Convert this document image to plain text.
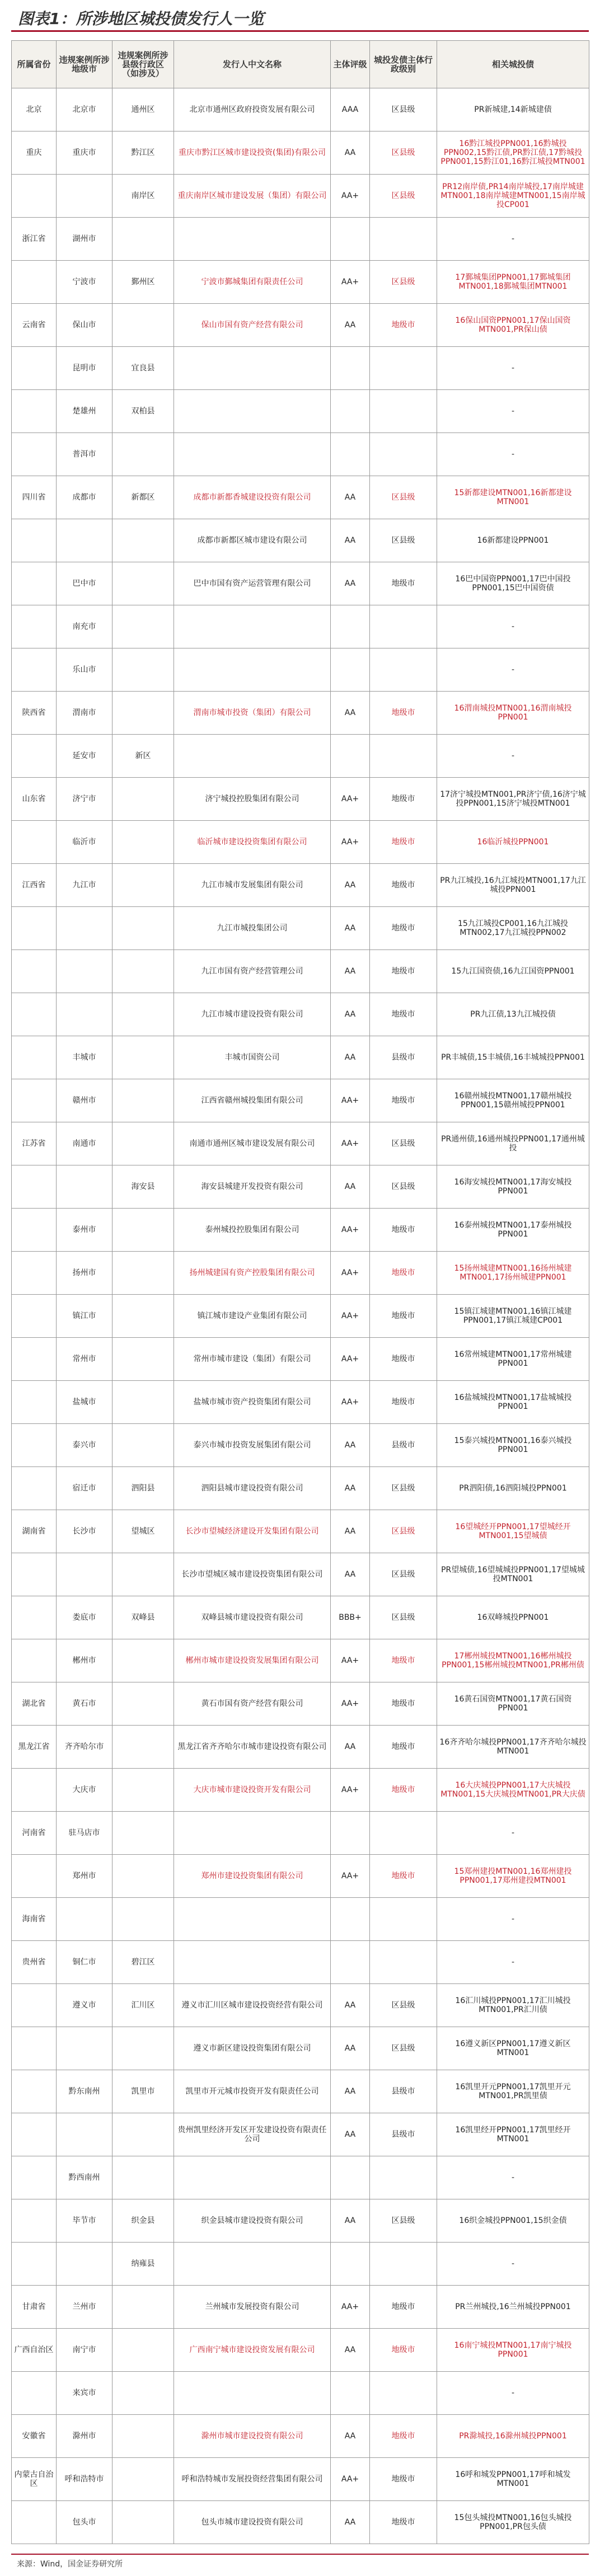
图表1：所涉地区城投债发行人一览
所属省份	违规案例所涉地级市	违规案例所涉县级行政区（如涉及）	发行人中文名称	主体评级	城投发债主体行政级别	相关城投债
北京	北京市	通州区	北京市通州区政府投资发展有限公司	AAA	区县级	PR新城建,14新城建债
重庆	重庆市	黔江区	重庆市黔江区城市建设投资(集团)有限公司	AA	区县级	16黔江城投PPN001,16黔城投PPN002,15黔江债,PR黔江债,17黔城投PPN001,15黔江01,16黔江城投MTN001
		南岸区	重庆南岸区城市建设发展（集团）有限公司	AA+	区县级	PR12南岸债,PR14南岸城投,17南岸城建MTN001,18南岸城建MTN001,15南岸城投CP001
浙江省	湖州市					-
	宁波市	鄞州区	宁波市鄞城集团有限责任公司	AA+	区县级	17鄞城集团PPN001,17鄞城集团MTN001,18鄞城集团MTN001
云南省	保山市		保山市国有资产经营有限公司	AA	地级市	16保山国资PPN001,17保山国资MTN001,PR保山债
	昆明市	宜良县				-
	楚雄州	双柏县				-
	普洱市					-
四川省	成都市	新都区	成都市新都香城建设投资有限公司	AA	区县级	15新都建设MTN001,16新都建设MTN001
			成都市新都区城市建设有限公司	AA	区县级	16新都建设PPN001
	巴中市		巴中市国有资产运营管理有限公司	AA	地级市	16巴中国资PPN001,17巴中国投PPN001,15巴中国资债
	南充市					-
	乐山市					-
陕西省	渭南市		渭南市城市投资（集团）有限公司	AA	地级市	16渭南城投MTN001,16渭南城投PPN001
	延安市	新区				-
山东省	济宁市		济宁城投控股集团有限公司	AA+	地级市	17济宁城投MTN001,PR济宁债,16济宁城投PPN001,15济宁城投MTN001
	临沂市		临沂城市建设投资集团有限公司	AA+	地级市	16临沂城投PPN001
江西省	九江市		九江市城市发展集团有限公司	AA	地级市	PR九江城投,16九江城投MTN001,17九江城投PPN001
			九江市城投集团公司	AA	地级市	15九江城投CP001,16九江城投MTN002,17九江城投PPN002
			九江市国有资产经营管理公司	AA	地级市	15九江国资债,16九江国资PPN001
			九江市城市建设投资有限公司	AA	地级市	PR九江债,13九江城投债
	丰城市		丰城市国资公司	AA	县级市	PR丰城债,15丰城债,16丰城城投PPN001
	赣州市		江西省赣州城投集团有限公司	AA+	地级市	16赣州城投MTN001,17赣州城投PPN001,15赣州城投PPN001
江苏省	南通市		南通市通州区城市建设发展有限公司	AA+	区县级	PR通州债,16通州城投PPN001,17通州城投
		海安县	海安县城建开发投资有限公司	AA	区县级	16海安城投MTN001,17海安城投PPN001
	泰州市		泰州城投控股集团有限公司	AA+	地级市	16泰州城投MTN001,17泰州城投PPN001
	扬州市		扬州城建国有资产控股集团有限公司	AA+	地级市	15扬州城建MTN001,16扬州城建MTN001,17扬州城建PPN001
	镇江市		镇江城市建设产业集团有限公司	AA+	地级市	15镇江城建MTN001,16镇江城建PPN001,17镇江城建CP001
	常州市		常州市城市建设（集团）有限公司	AA+	地级市	16常州城建MTN001,17常州城建PPN001
	盐城市		盐城市城市资产投资集团有限公司	AA+	地级市	16盐城城投MTN001,17盐城城投PPN001
	泰兴市		泰兴市城市投资发展集团有限公司	AA	县级市	15泰兴城投MTN001,16泰兴城投PPN001
	宿迁市	泗阳县	泗阳县城市建设投资有限公司	AA	区县级	PR泗阳债,16泗阳城投PPN001
湖南省	长沙市	望城区	长沙市望城经济建设开发集团有限公司	AA	区县级	16望城经开PPN001,17望城经开MTN001,15望城债
			长沙市望城区城市建设投资集团有限公司	AA	区县级	PR望城债,16望城城投PPN001,17望城城投MTN001
	娄底市	双峰县	双峰县城市建设投资有限公司	BBB+	区县级	16双峰城投PPN001
	郴州市		郴州市城市建设投资发展集团有限公司	AA+	地级市	17郴州城投MTN001,16郴州城投PPN001,15郴州城投MTN001,PR郴州债
湖北省	黄石市		黄石市国有资产经营有限公司	AA+	地级市	16黄石国资MTN001,17黄石国资PPN001
黑龙江省	齐齐哈尔市		黑龙江省齐齐哈尔市城市建设投资有限公司	AA	地级市	16齐齐哈尔城投PPN001,17齐齐哈尔城投MTN001
	大庆市		大庆市城市建设投资开发有限公司	AA+	地级市	16大庆城投PPN001,17大庆城投MTN001,15大庆城投MTN001,PR大庆债
河南省	驻马店市					-
	郑州市		郑州市建设投资集团有限公司	AA+	地级市	15郑州建投MTN001,16郑州建投PPN001,17郑州建投MTN001
海南省						-
贵州省	铜仁市	碧江区				-
	遵义市	汇川区	遵义市汇川区城市建设投资经营有限公司	AA	区县级	16汇川城投PPN001,17汇川城投MTN001,PR汇川债
			遵义市新区建设投资集团有限公司	AA	区县级	16遵义新区PPN001,17遵义新区MTN001
	黔东南州	凯里市	凯里市开元城市投资开发有限责任公司	AA	县级市	16凯里开元PPN001,17凯里开元MTN001,PR凯里债
			贵州凯里经济开发区开发建设投资有限责任公司	AA	县级市	16凯里经开PPN001,17凯里经开MTN001
	黔西南州					-
	毕节市	织金县	织金县城市建设投资有限公司	AA	区县级	16织金城投PPN001,15织金债
		纳雍县				-
甘肃省	兰州市		兰州城市发展投资有限公司	AA+	地级市	PR兰州城投,16兰州城投PPN001
广西自治区	南宁市		广西南宁城市建设投资发展有限公司	AA	地级市	16南宁城投MTN001,17南宁城投PPN001
	来宾市					-
安徽省	滁州市		滁州市城市建设投资有限公司	AA	地级市	PR滁城投,16滁州城投PPN001
内蒙古自治区	呼和浩特市		呼和浩特城市发展投资经营集团有限公司	AA+	地级市	16呼和城发PPN001,17呼和城发MTN001
	包头市		包头市城市建设投资有限公司	AA	地级市	15包头城投MTN001,16包头城投PPN001,PR包头债
来源：Wind，国金证券研究所
